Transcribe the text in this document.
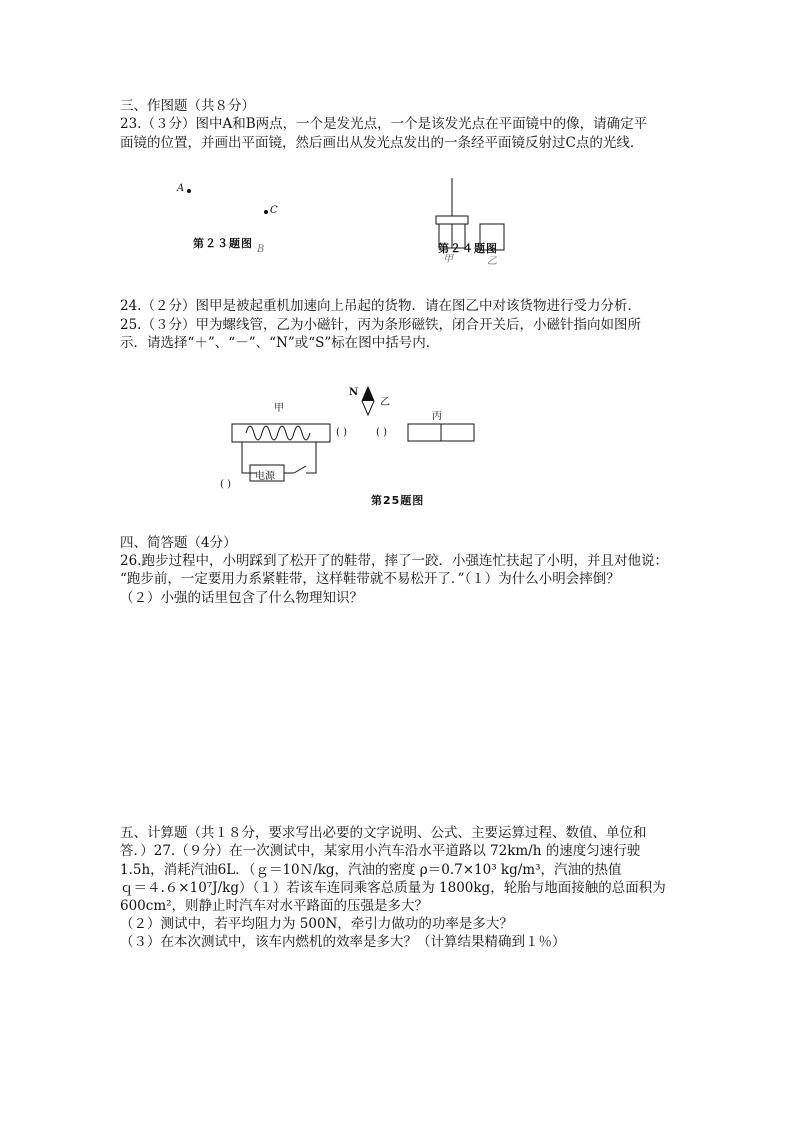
三、作图题（共８分）
23.（３分）图中A和B两点，一个是发光点，一个是该发光点在平面镜中的像，请确定平
面镜的位置，并画出平面镜，然后画出从发光点发出的一条经平面镜反射过C点的光线．
A
C
B
第２３题图
甲	乙
第２４题图
24.（２分）图甲是被起重机加速向上吊起的货物．请在图乙中对该货物进行受力分析．
25.（３分）甲为螺线管，乙为小磁针，丙为条形磁铁，闭合开关后，小磁针指向如图所
示．请选择“＋”、“－”、“N”或“S”标在图中括号内．
甲
N
乙
丙
( )	( )
电源
( )
第25题图
四、简答题（4分）
26.跑步过程中，小明踩到了松开了的鞋带，摔了一跤．小强连忙扶起了小明，并且对他说：
“跑步前，一定要用力系紧鞋带，这样鞋带就不易松开了．”（１）为什么小明会摔倒？
（２）小强的话里包含了什么物理知识？
五、计算题（共１８分，要求写出必要的文字说明、公式、主要运算过程、数值、单位和
答．）27.（９分）在一次测试中，某家用小汽车沿水平道路以 72km/h 的速度匀速行驶
1.5h，消耗汽油6L．（ｇ＝10Ｎ/kg，汽油的密度 ρ＝0.7×10³ kg/m³，汽油的热值
ｑ＝４.６×10⁷J/kg）（１）若该车连同乘客总质量为 1800kg，轮胎与地面接触的总面积为
600cm²，则静止时汽车对水平路面的压强是多大？
（２）测试中，若平均阻力为 500N，牵引力做功的功率是多大？
（３）在本次测试中，该车内燃机的效率是多大？（计算结果精确到１％）
